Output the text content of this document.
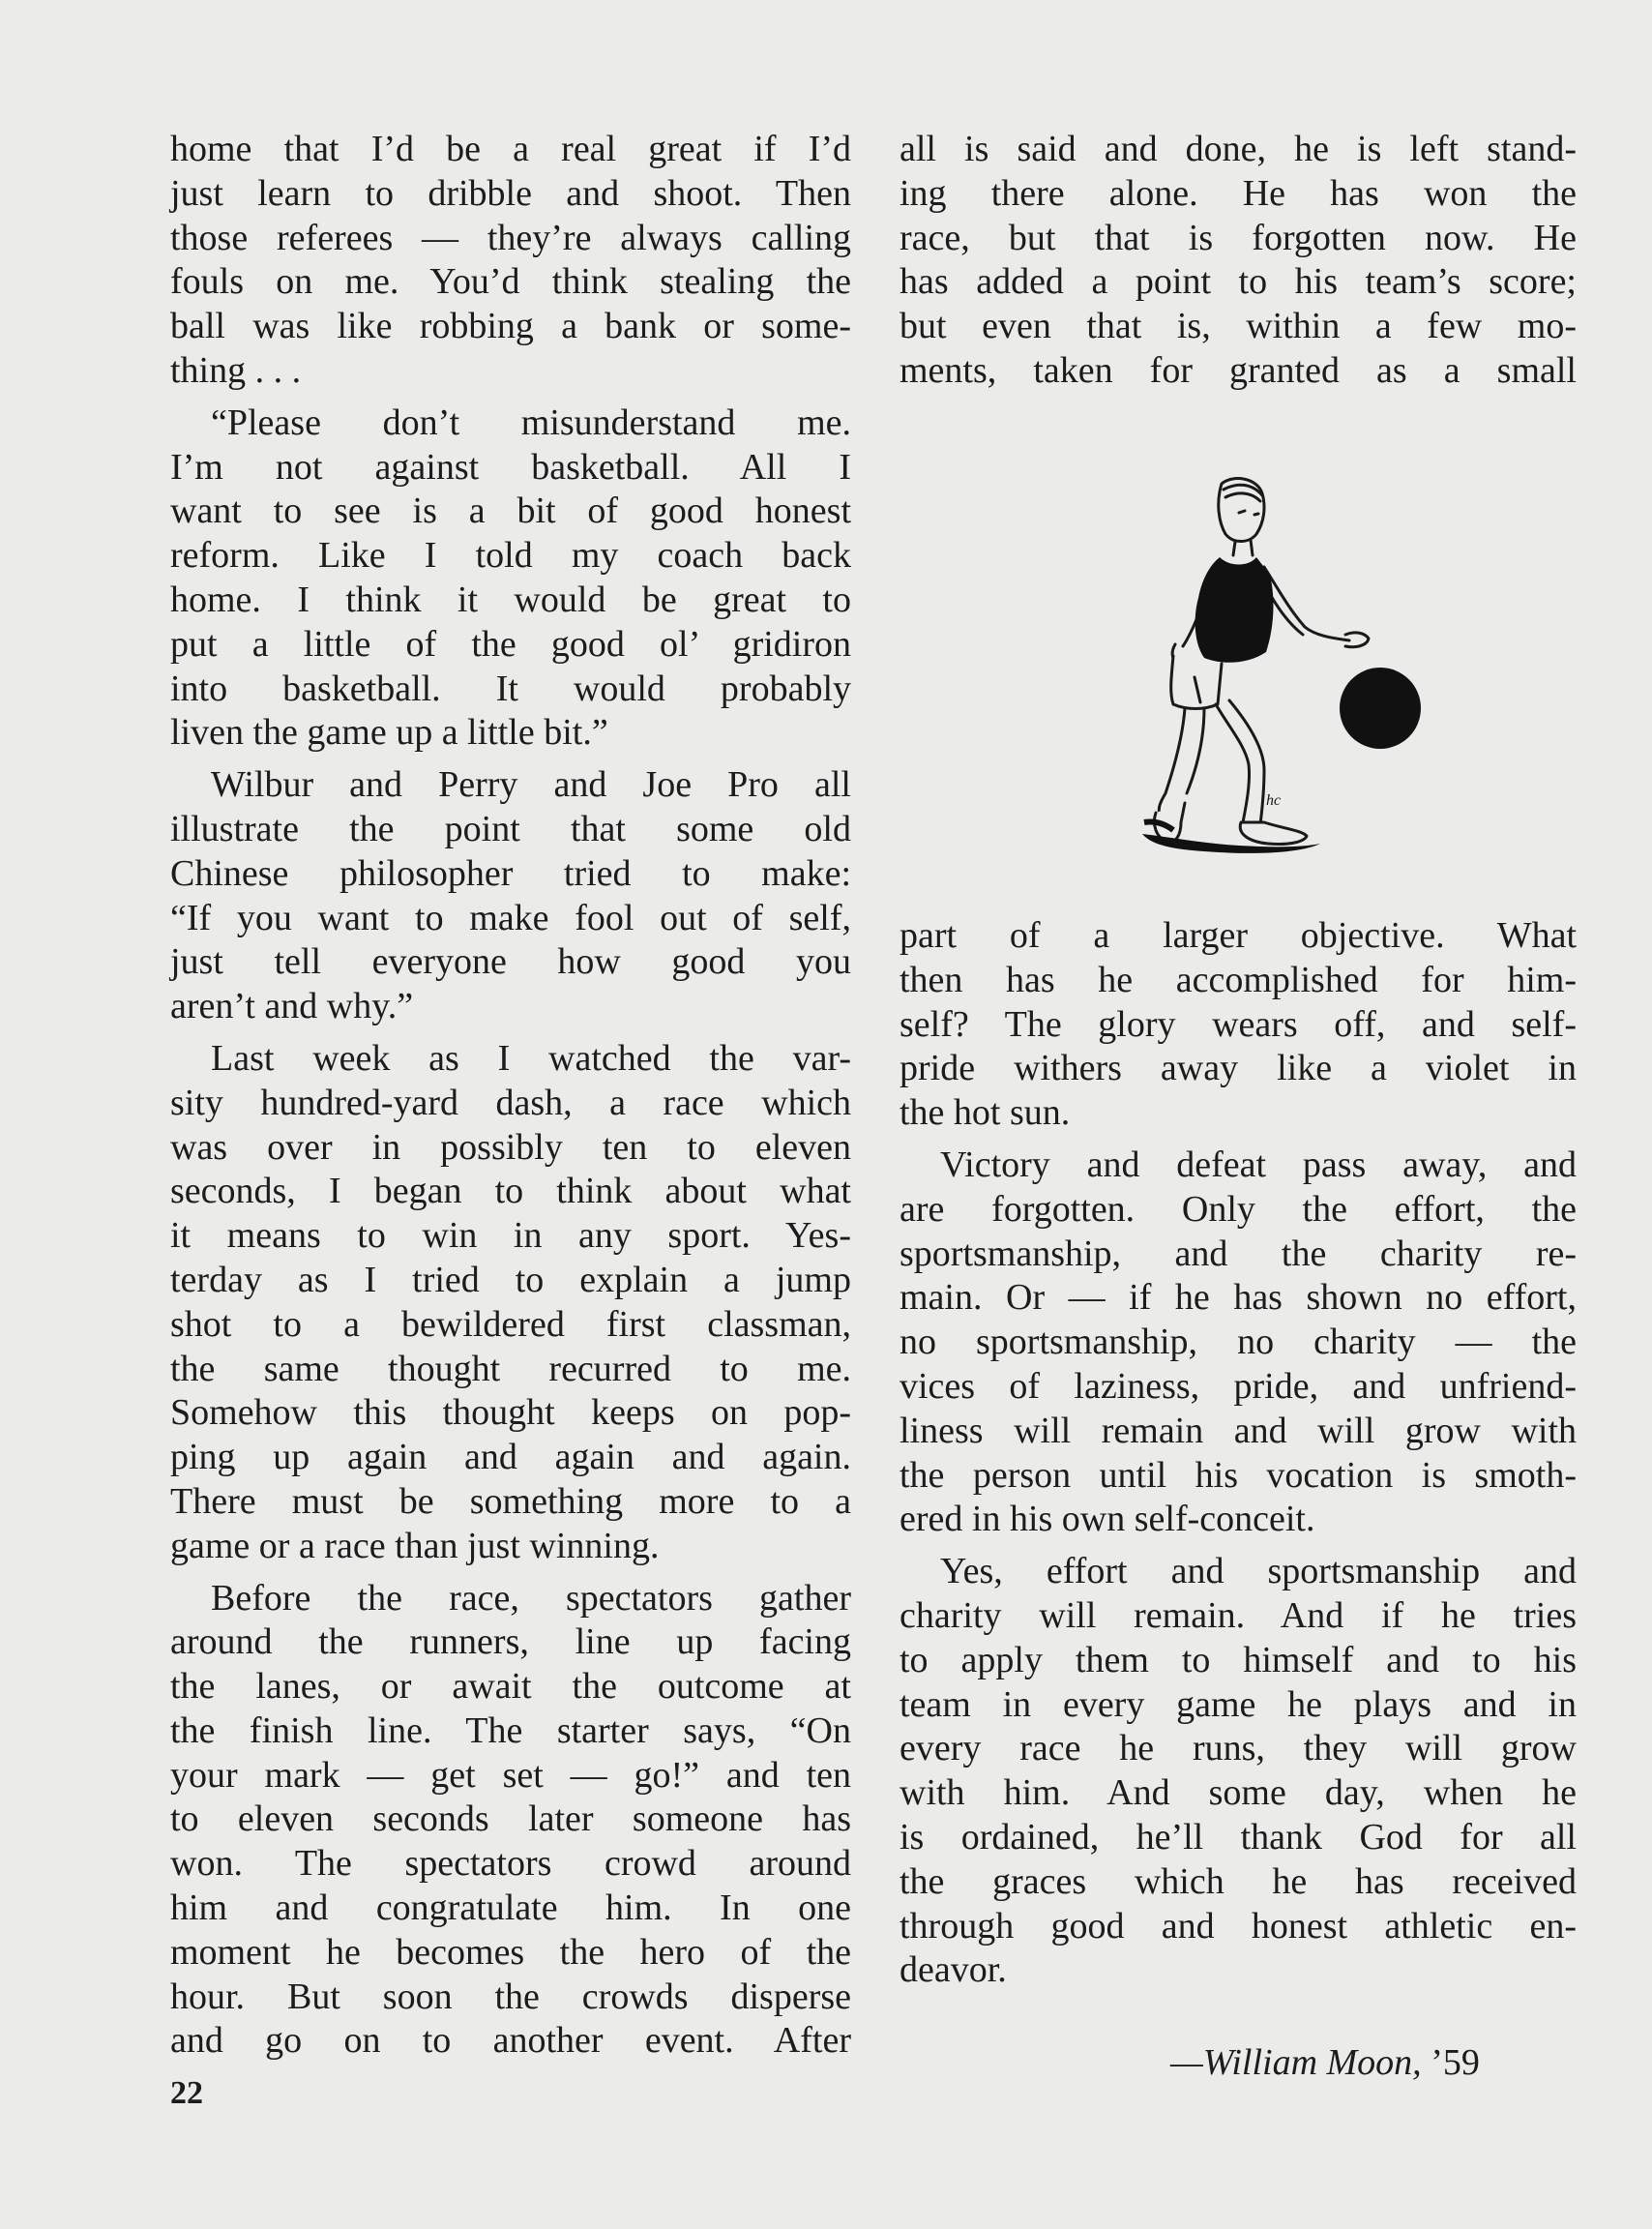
home that I’d be a real great if I’d
just learn to dribble and shoot. Then
those referees — they’re always calling
fouls on me. You’d think stealing the
ball was like robbing a bank or some-
thing . . .
“Please don’t misunderstand me.
I’m not against basketball. All I
want to see is a bit of good honest
reform. Like I told my coach back
home. I think it would be great to
put a little of the good ol’ gridiron
into basketball. It would probably
liven the game up a little bit.”
Wilbur and Perry and Joe Pro all
illustrate the point that some old
Chinese philosopher tried to make:
“If you want to make fool out of self,
just tell everyone how good you
aren’t and why.”
Last week as I watched the var-
sity hundred-yard dash, a race which
was over in possibly ten to eleven
seconds, I began to think about what
it means to win in any sport. Yes-
terday as I tried to explain a jump
shot to a bewildered first classman,
the same thought recurred to me.
Somehow this thought keeps on pop-
ping up again and again and again.
There must be something more to a
game or a race than just winning.
Before the race, spectators gather
around the runners, line up facing
the lanes, or await the outcome at
the finish line. The starter says, “On
your mark — get set — go!” and ten
to eleven seconds later someone has
won. The spectators crowd around
him and congratulate him. In one
moment he becomes the hero of the
hour. But soon the crowds disperse
and go on to another event. After
all is said and done, he is left stand-
ing there alone. He has won the
race, but that is forgotten now. He
has added a point to his team’s score;
but even that is, within a few mo-
ments, taken for granted as a small
hc
part of a larger objective. What
then has he accomplished for him-
self? The glory wears off, and self-
pride withers away like a violet in
the hot sun.
Victory and defeat pass away, and
are forgotten. Only the effort, the
sportsmanship, and the charity re-
main. Or — if he has shown no effort,
no sportsmanship, no charity — the
vices of laziness, pride, and unfriend-
liness will remain and will grow with
the person until his vocation is smoth-
ered in his own self-conceit.
Yes, effort and sportsmanship and
charity will remain. And if he tries
to apply them to himself and to his
team in every game he plays and in
every race he runs, they will grow
with him. And some day, when he
is ordained, he’ll thank God for all
the graces which he has received
through good and honest athletic en-
deavor.
—William Moon, ’59
22
